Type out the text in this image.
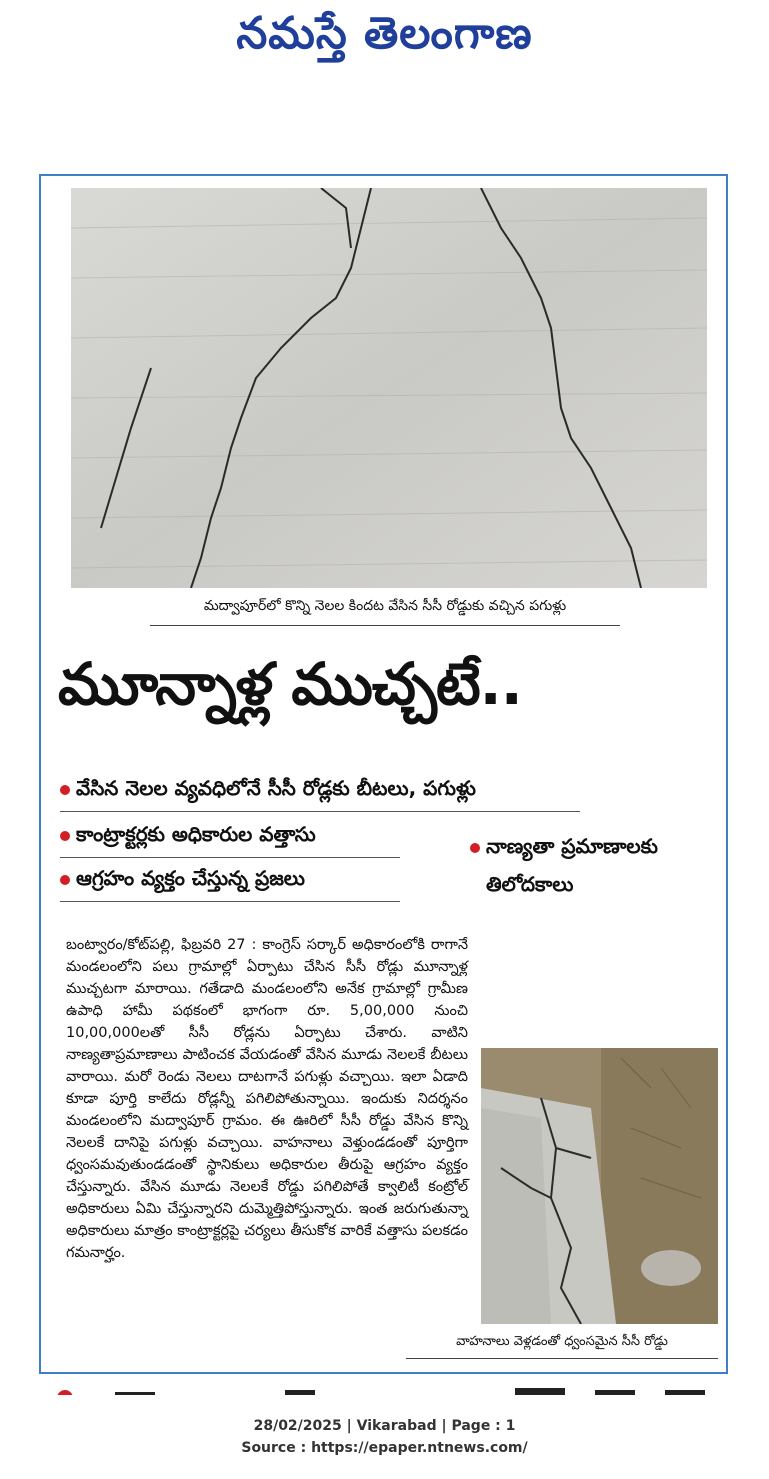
నమస్తే తెలంగాణ
మద్వాపూర్‌లో కొన్ని నెలల కిందట వేసిన సీసీ రోడ్డుకు వచ్చిన పగుళ్లు
మూన్నాళ్ల ముచ్చటే..
వేసిన నెలల వ్యవధిలోనే సీసీ రోడ్లకు బీటలు, పగుళ్లు
కాంట్రాక్టర్లకు అధికారుల వత్తాసు
ఆగ్రహం వ్యక్తం చేస్తున్న ప్రజలు
నాణ్యతా ప్రమాణాలకు
తిలోదకాలు

బంట్వారం/కోట్‌పల్లి, ఫిబ్రవరి 27 : కాంగ్రెస్‌ సర్కార్‌ అధికారంలోకి రాగానే మండలంలోని పలు గ్రామాల్లో ఏర్పాటు చేసిన సీసీ రోడ్లు మూన్నాళ్ల ముచ్చటగా మారాయి. గతేడాది మండలంలోని అనేక గ్రామాల్లో గ్రామీణ ఉపాధి హామీ పథకంలో భాగంగా రూ. 5,00,000 నుంచి 10,00,000లతో సీసీ రోడ్లను ఏర్పాటు చేశారు. వాటిని నాణ్యతాప్రమాణాలు పాటించక వేయడంతో వేసిన మూడు నెలలకే బీటలు వారాయి. మరో రెండు నెలలు దాటగానే పగుళ్లు వచ్చాయి. ఇలా ఏడాది కూడా పూర్తి కాలేదు రోడ్లన్నీ పగిలిపోతున్నాయి. ఇందుకు నిదర్శనం మండలంలోని మద్వాపూర్‌ గ్రామం. ఈ ఊరిలో సీసీ రోడ్డు వేసిన కొన్ని నెలలకే దానిపై పగుళ్లు వచ్చాయి. వాహనాలు వెళ్తుండడంతో పూర్తిగా ధ్వంసమవుతుండడంతో స్థానికులు అధికారుల తీరుపై ఆగ్రహం వ్యక్తం చేస్తున్నారు. వేసిన మూడు నెలలకే రోడ్డు పగిలిపోతే క్వాలిటీ కంట్రోల్‌ అధికారులు ఏమి చేస్తున్నారని దుమ్మెత్తిపోస్తున్నారు. ఇంత జరుగుతున్నా అధికారులు మాత్రం కాంట్రాక్టర్లపై చర్యలు తీసుకోక వారికే వత్తాసు పలకడం గమనార్హం.

వాహనాలు వెళ్లడంతో ధ్వంసమైన సీసీ రోడ్డు
28/02/2025 | Vikarabad | Page : 1
Source : https://epaper.ntnews.com/
